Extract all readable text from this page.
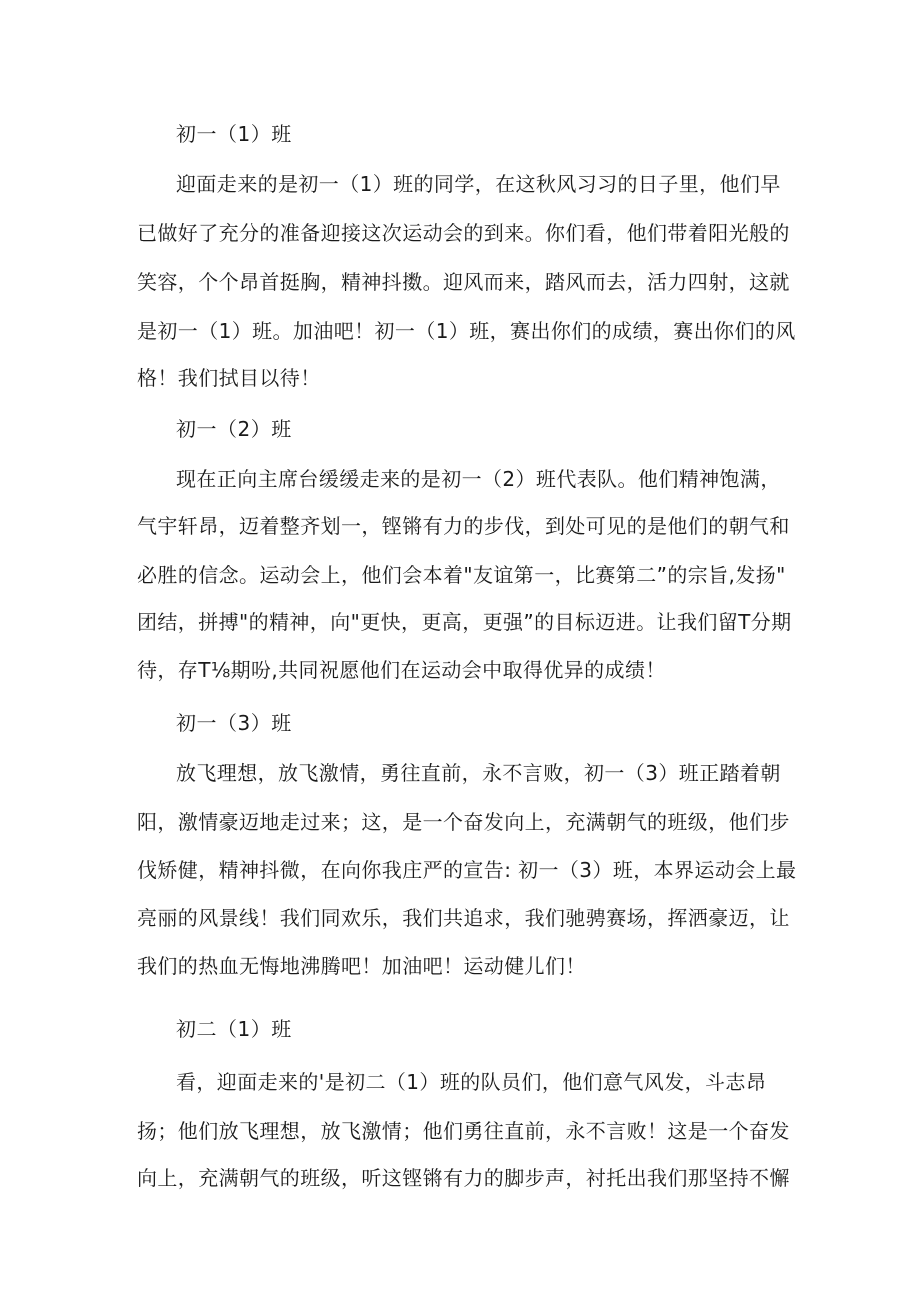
初一（1）班
迎面走来的是初一（1）班的同学，在这秋风习习的日子里，他们早
已做好了充分的准备迎接这次运动会的到来。你们看，他们带着阳光般的
笑容，个个昂首挺胸，精神抖擞。迎风而来，踏风而去，活力四射，这就
是初一（1）班。加油吧！初一（1）班，赛出你们的成绩，赛出你们的风
格！我们拭目以待！
初一（2）班
现在正向主席台缓缓走来的是初一（2）班代表队。他们精神饱满，
气宇轩昂，迈着整齐划一，铿锵有力的步伐，到处可见的是他们的朝气和
必胜的信念。运动会上，他们会本着"友谊第一，比赛第二”的宗旨,发扬"
团结，拼搏"的精神，向"更快，更高，更强”的目标迈进。让我们留T分期
待，存T⅛期吩,共同祝愿他们在运动会中取得优异的成绩！
初一（3）班
放飞理想，放飞激情，勇往直前，永不言败，初一（3）班正踏着朝
阳，激情豪迈地走过来；这，是一个奋发向上，充满朝气的班级，他们步
伐矫健，精神抖微，在向你我庄严的宣告: 初一（3）班，本界运动会上最
亮丽的风景线！我们同欢乐，我们共追求，我们驰骋赛场，挥洒豪迈，让
我们的热血无悔地沸腾吧！加油吧！运动健儿们！
初二（1）班
看，迎面走来的'是初二（1）班的队员们，他们意气风发，斗志昂
扬；他们放飞理想，放飞激情；他们勇往直前，永不言败！这是一个奋发
向上，充满朝气的班级，听这铿锵有力的脚步声，衬托出我们那坚持不懈
